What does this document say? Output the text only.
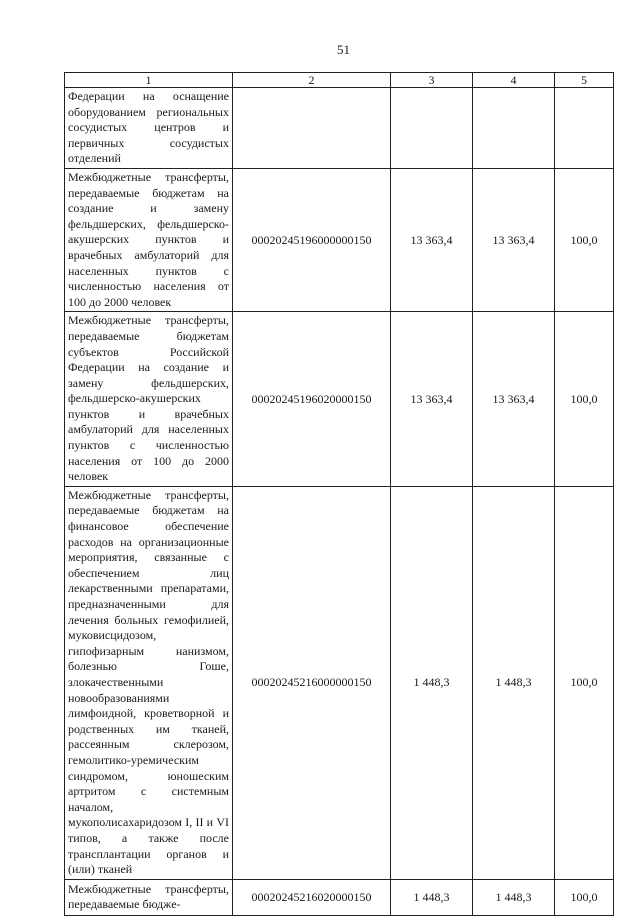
51
1	2	3	4	5
Федерации на оснащение оборудованием региональных сосудистых центров и первичных сосудистых отделений				
Межбюджетные трансферты, передаваемые бюджетам на создание и замену фельдшерских, фельдшерско-акушерских пунктов и врачебных амбулаторий для населенных пунктов с численностью населения от 100 до 2000 человек	00020245196000000150	13 363,4	13 363,4	100,0
Межбюджетные трансферты, передаваемые бюджетам субъектов Российской Федерации на создание и замену фельдшерских, фельдшерско-акушерских пунктов и врачебных амбулаторий для населенных пунктов с численностью населения от 100 до 2000 человек	00020245196020000150	13 363,4	13 363,4	100,0
Межбюджетные трансферты, передаваемые бюджетам на финансовое обеспечение расходов на организационные мероприятия, связанные с обеспечением лиц лекарственными препаратами, предназначенными для лечения больных гемофилией, муковисцидозом, гипофизарным нанизмом, болезнью Гоше, злокачественными новообразованиями лимфоидной, кроветворной и родственных им тканей, рассеянным склерозом, гемолитико-уремическим синдромом, юношеским артритом с системным началом, мукополисахаридозом I, II и VI типов, а также после трансплантации органов и (или) тканей	00020245216000000150	1 448,3	1 448,3	100,0
Межбюджетные трансферты, передаваемые бюдже-	00020245216020000150	1 448,3	1 448,3	100,0
